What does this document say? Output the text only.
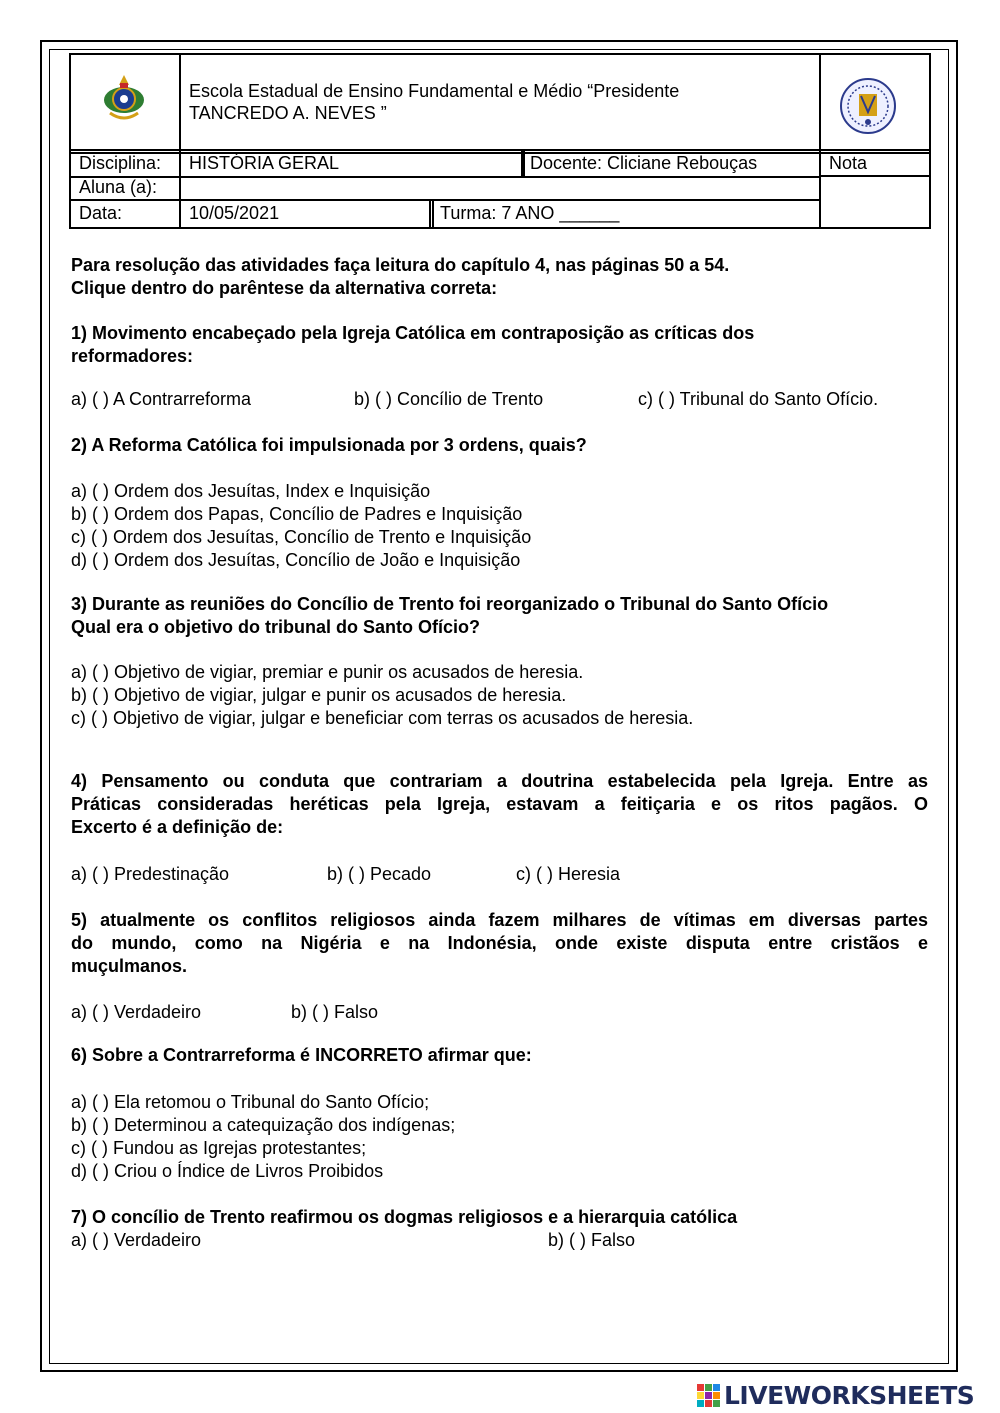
Escola Estadual de Ensino Fundamental e Médio “Presidente
TANCREDO A. NEVES ”
Disciplina: HISTÓRIA GERAL	Docente: Cliciane Rebouças	Nota
Aluna (a):
Data:	10/05/2021	Turma: 7 ANO ______
Para resolução das atividades faça leitura do capítulo 4, nas páginas 50 a 54.
Clique dentro do parêntese da alternativa correta:
1) Movimento encabeçado pela Igreja Católica em contraposição as críticas dos
reformadores:
a) ( ) A Contrarreforma	b) ( ) Concílio de Trento	c) ( ) Tribunal do Santo Ofício.
2) A Reforma Católica foi impulsionada por 3 ordens, quais?
a) ( ) Ordem dos Jesuítas, Index e Inquisição
b) ( ) Ordem dos Papas, Concílio de Padres e Inquisição
c) ( ) Ordem dos Jesuítas, Concílio de Trento e Inquisição
d) ( ) Ordem dos Jesuítas, Concílio de João e Inquisição
3) Durante as reuniões do Concílio de Trento foi reorganizado o Tribunal do Santo Ofício
Qual era o objetivo do tribunal do Santo Ofício?
a) ( ) Objetivo de vigiar, premiar e punir os acusados de heresia.
b) ( ) Objetivo de vigiar, julgar e punir os acusados de heresia.
c) ( ) Objetivo de vigiar, julgar e beneficiar com terras os acusados de heresia.
4) Pensamento ou conduta que contrariam a doutrina estabelecida pela Igreja. Entre as
Práticas consideradas heréticas pela Igreja, estavam a feitiçaria e os ritos pagãos. O
Excerto é a definição de:
a) ( ) Predestinação	b) ( ) Pecado	c) ( ) Heresia
5) atualmente os conflitos religiosos ainda fazem milhares de vítimas em diversas partes
do mundo, como na Nigéria e na Indonésia, onde existe disputa entre cristãos e
muçulmanos.
a) ( ) Verdadeiro	b) ( ) Falso
6) Sobre a Contrarreforma é INCORRETO afirmar que:
a) ( ) Ela retomou o Tribunal do Santo Ofício;
b) ( ) Determinou a catequização dos indígenas;
c) ( ) Fundou as Igrejas protestantes;
d) ( ) Criou o Índice de Livros Proibidos
7) O concílio de Trento reafirmou os dogmas religiosos e a hierarquia católica
a) ( ) Verdadeiro	b) ( ) Falso
LIVEWORKSHEETS
